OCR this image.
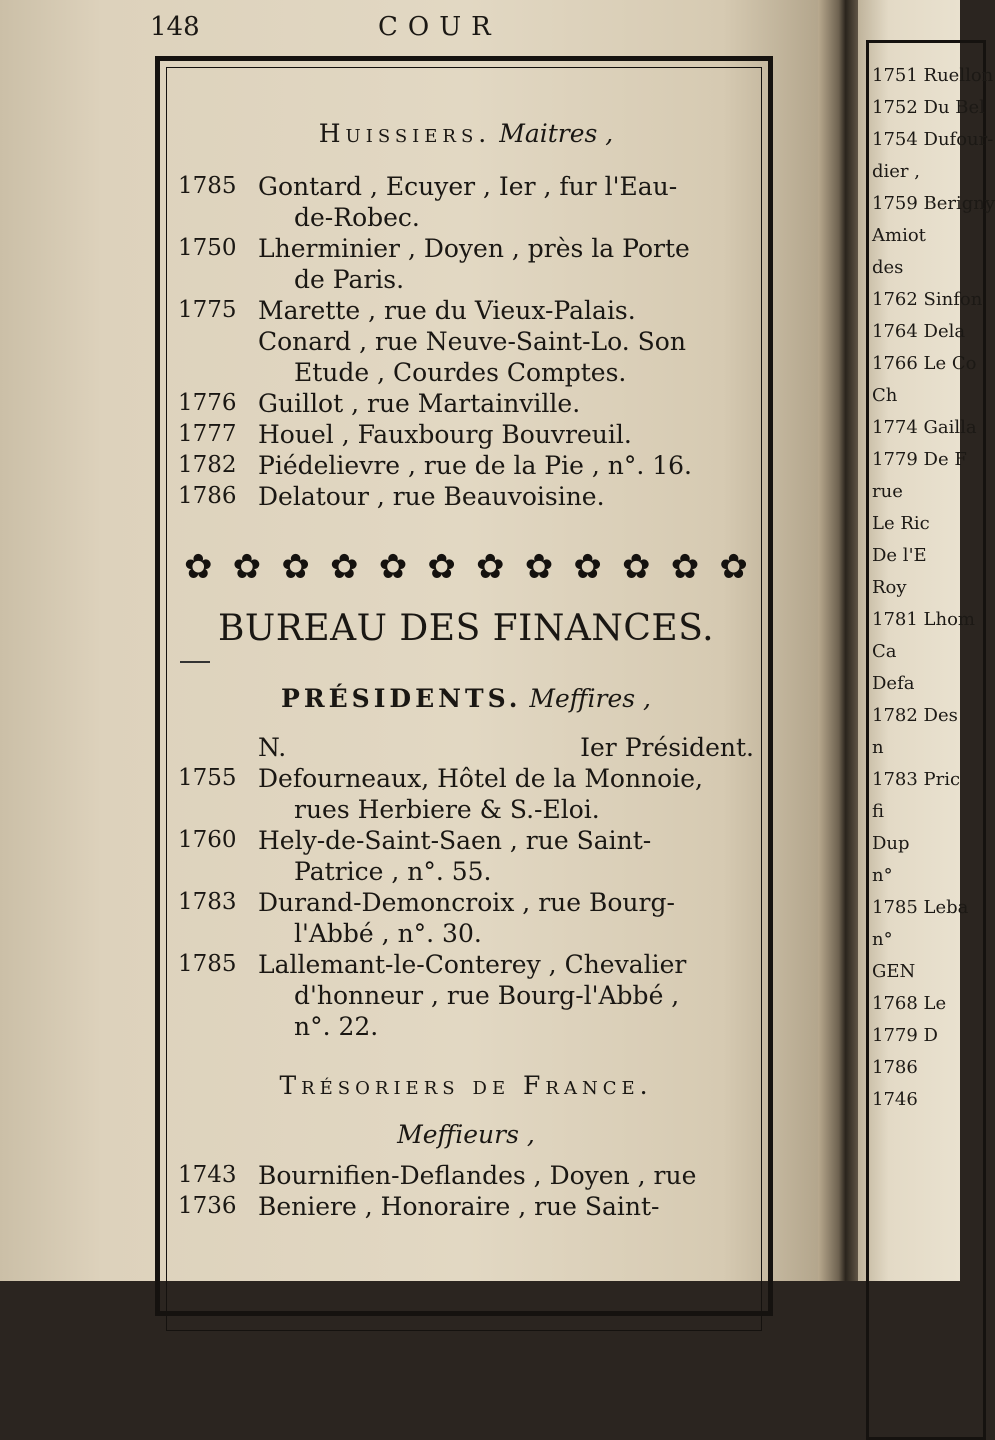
148	COUR
Huissiers. Maitres ,
1785 Gontard , Ecuyer , Ier , fur l'Eau-
de-Robec.
1750 Lherminier , Doyen , près la Porte
de Paris.
1775 Marette , rue du Vieux-Palais.
Conard , rue Neuve-Saint-Lo. Son
Etude , Courdes Comptes.
1776 Guillot , rue Martainville.
1777 Houel , Fauxbourg Bouvreuil.
1782 Piédelievre , rue de la Pie , n°. 16.
1786 Delatour , rue Beauvoisine.
✿ ✿ ✿ ✿ ✿ ✿ ✿ ✿ ✿ ✿ ✿ ✿
BUREAU DES FINANCES.
PRÉSIDENTS. Meffires ,
N.	Ier Président.
1755 Defourneaux, Hôtel de la Monnoie,
rues Herbiere & S.-Eloi.
1760 Hely-de-Saint-Saen , rue Saint-
Patrice , n°. 55.
1783 Durand-Demoncroix , rue Bourg-
l'Abbé , n°. 30.
1785 Lallemant-le-Conterey , Chevalier
d'honneur , rue Bourg-l'Abbé ,
n°. 22.
Trésoriers de France.
Meffieurs ,
1743 Bournifien-Deflandes , Doyen , rue
1736 Beniere , Honoraire , rue Saint-
1751 Ruellon
1752 Du Bel
1754 Dufour-
dier ,
1759 Berigny
Amiot
des
1762 Sinfon
1764 Dela
1766 Le Co
Ch
1774 Gailla
1779 De F
rue
Le Ric
De l'E
Roy
1781 Lhom
Ca
Defa
1782 Des
n
1783 Pric
fi
Dup
n°
1785 Leba
n°
GEN
1768 Le
1779 D
1786
1746
